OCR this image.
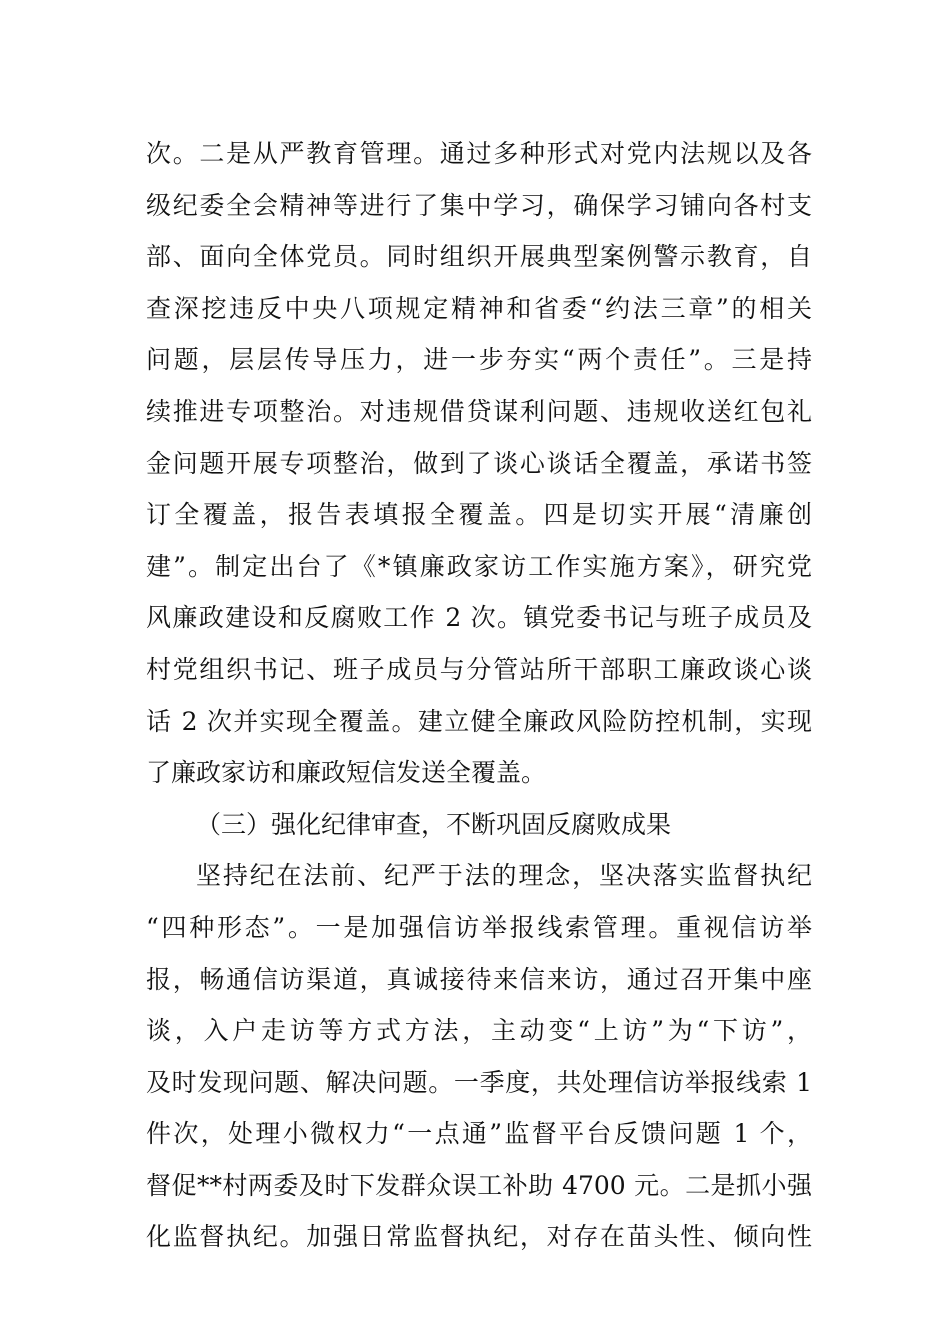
次。二是从严教育管理。通过多种形式对党内法规以及各
级纪委全会精神等进行了集中学习，确保学习铺向各村支
部、面向全体党员。同时组织开展典型案例警示教育，自
查深挖违反中央八项规定精神和省委“约法三章”的相关
问题，层层传导压力，进一步夯实“两个责任”。三是持
续推进专项整治。对违规借贷谋利问题、违规收送红包礼
金问题开展专项整治，做到了谈心谈话全覆盖，承诺书签
订全覆盖，报告表填报全覆盖。四是切实开展“清廉创
建”。制定出台了《*镇廉政家访工作实施方案》，研究党
风廉政建设和反腐败工作 2 次。镇党委书记与班子成员及
村党组织书记、班子成员与分管站所干部职工廉政谈心谈
话 2 次并实现全覆盖。建立健全廉政风险防控机制，实现
了廉政家访和廉政短信发送全覆盖。
（三）强化纪律审查，不断巩固反腐败成果
坚持纪在法前、纪严于法的理念，坚决落实监督执纪
“四种形态”。一是加强信访举报线索管理。重视信访举
报，畅通信访渠道，真诚接待来信来访，通过召开集中座
谈，入户走访等方式方法，主动变“上访”为“下访”，
及时发现问题、解决问题。一季度，共处理信访举报线索 1
件次，处理小微权力“一点通”监督平台反馈问题 1 个，
督促**村两委及时下发群众误工补助 4700 元。二是抓小强
化监督执纪。加强日常监督执纪，对存在苗头性、倾向性
